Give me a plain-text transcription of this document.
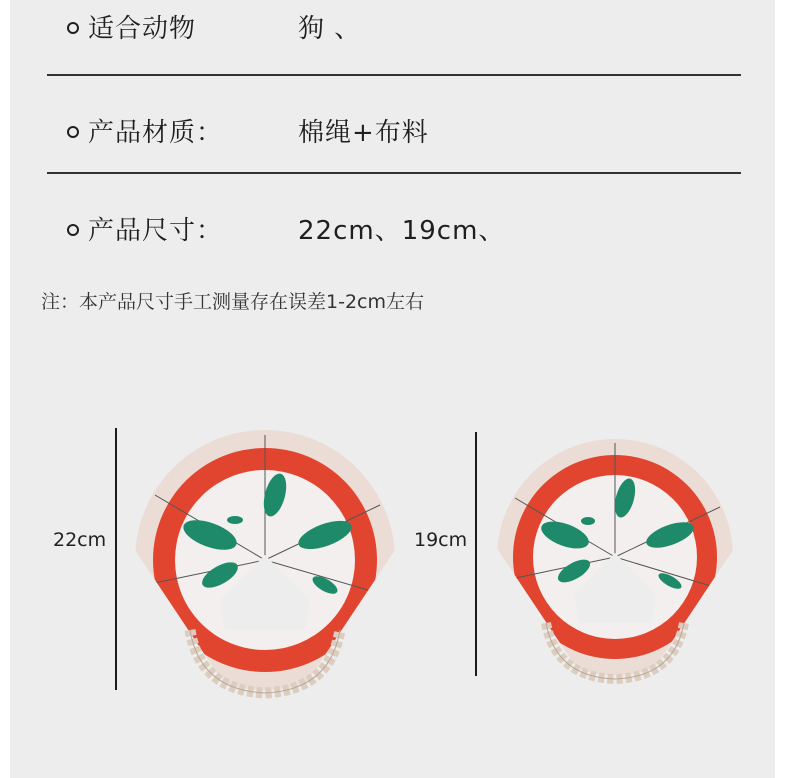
适合动物	狗 、
产品材质：	棉绳+布料
产品尺寸：	22cm、19cm、
注：本产品尺寸手工测量存在误差1-2cm左右
22cm	19cm
